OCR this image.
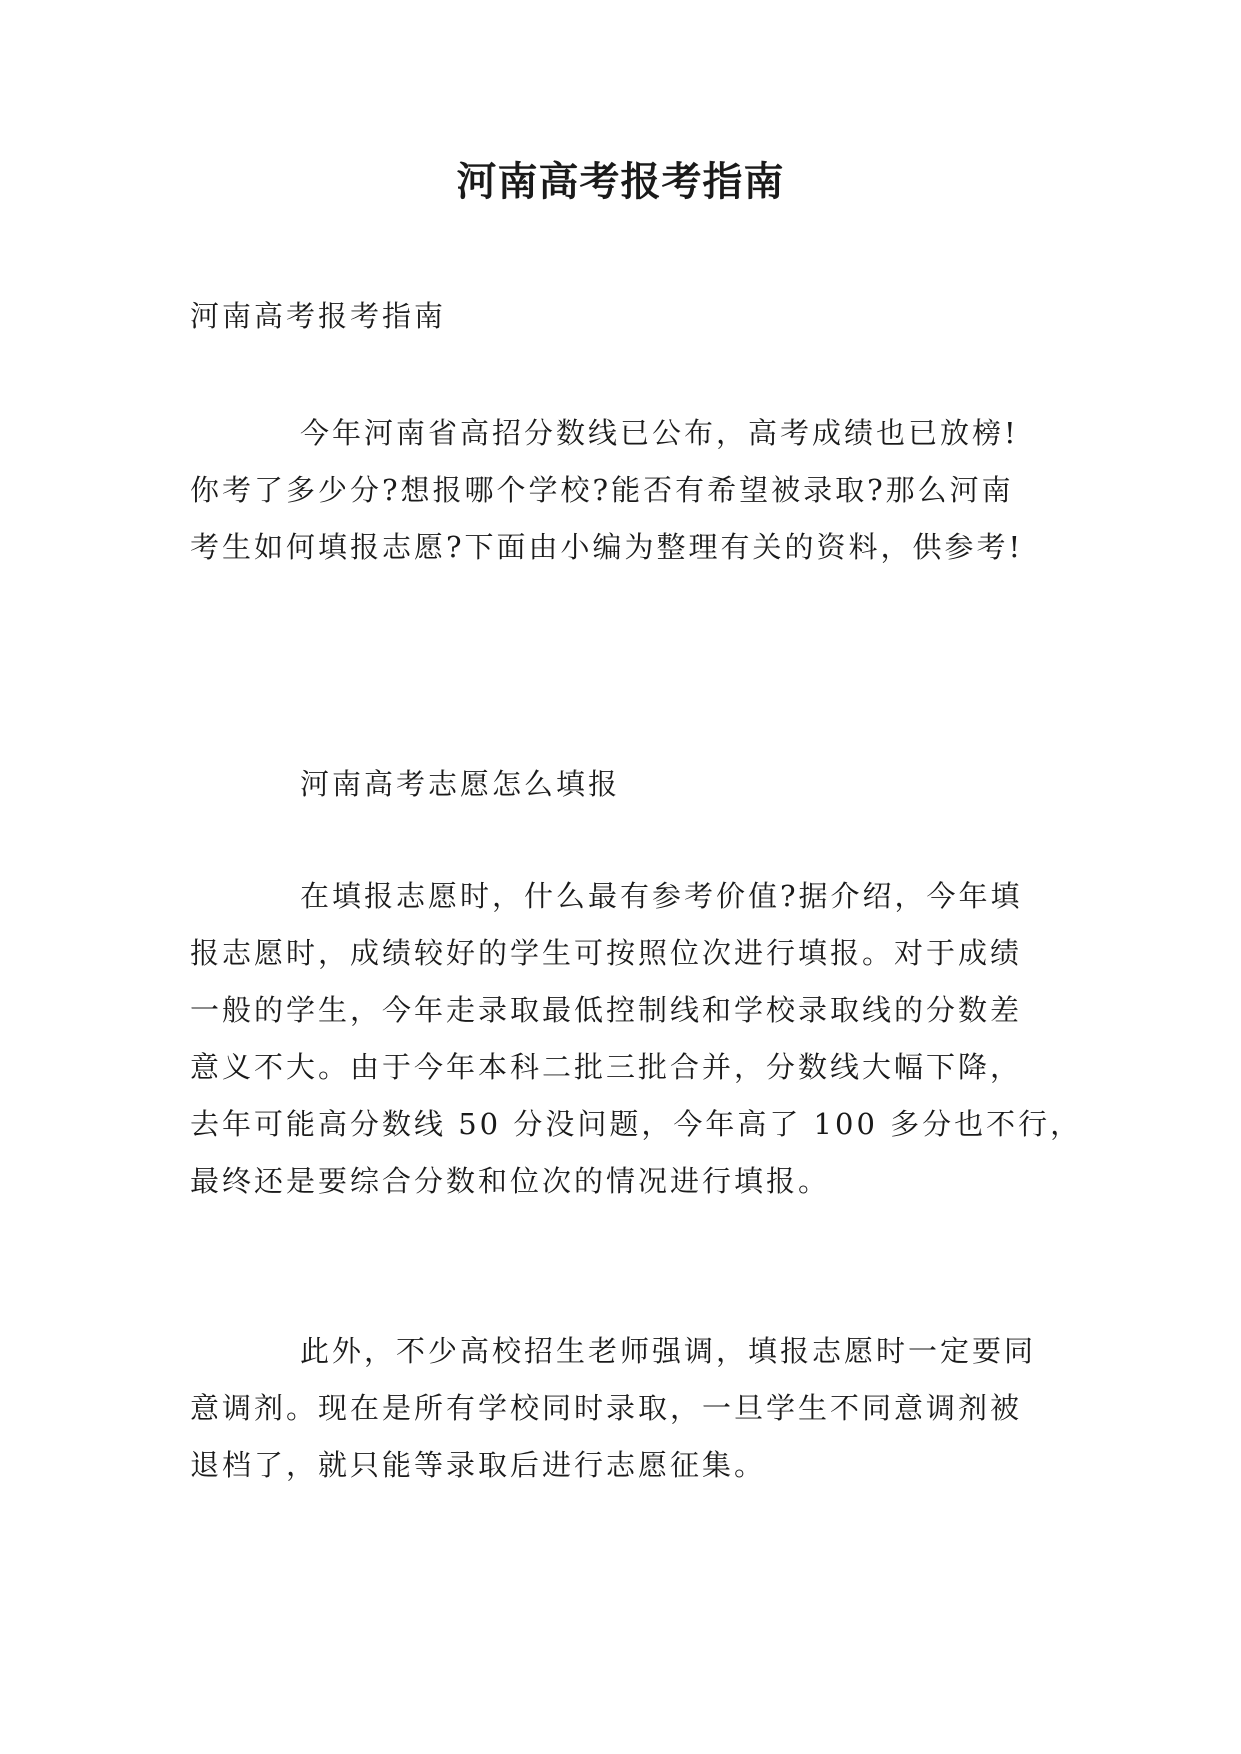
河南高考报考指南
河南高考报考指南
今年河南省高招分数线已公布，高考成绩也已放榜!
你考了多少分?想报哪个学校?能否有希望被录取?那么河南
考生如何填报志愿?下面由小编为整理有关的资料，供参考!
河南高考志愿怎么填报
在填报志愿时，什么最有参考价值?据介绍，今年填
报志愿时，成绩较好的学生可按照位次进行填报。对于成绩
一般的学生，今年走录取最低控制线和学校录取线的分数差
意义不大。由于今年本科二批三批合并，分数线大幅下降，
去年可能高分数线 50 分没问题，今年高了 100 多分也不行，
最终还是要综合分数和位次的情况进行填报。
此外，不少高校招生老师强调，填报志愿时一定要同
意调剂。现在是所有学校同时录取，一旦学生不同意调剂被
退档了，就只能等录取后进行志愿征集。
